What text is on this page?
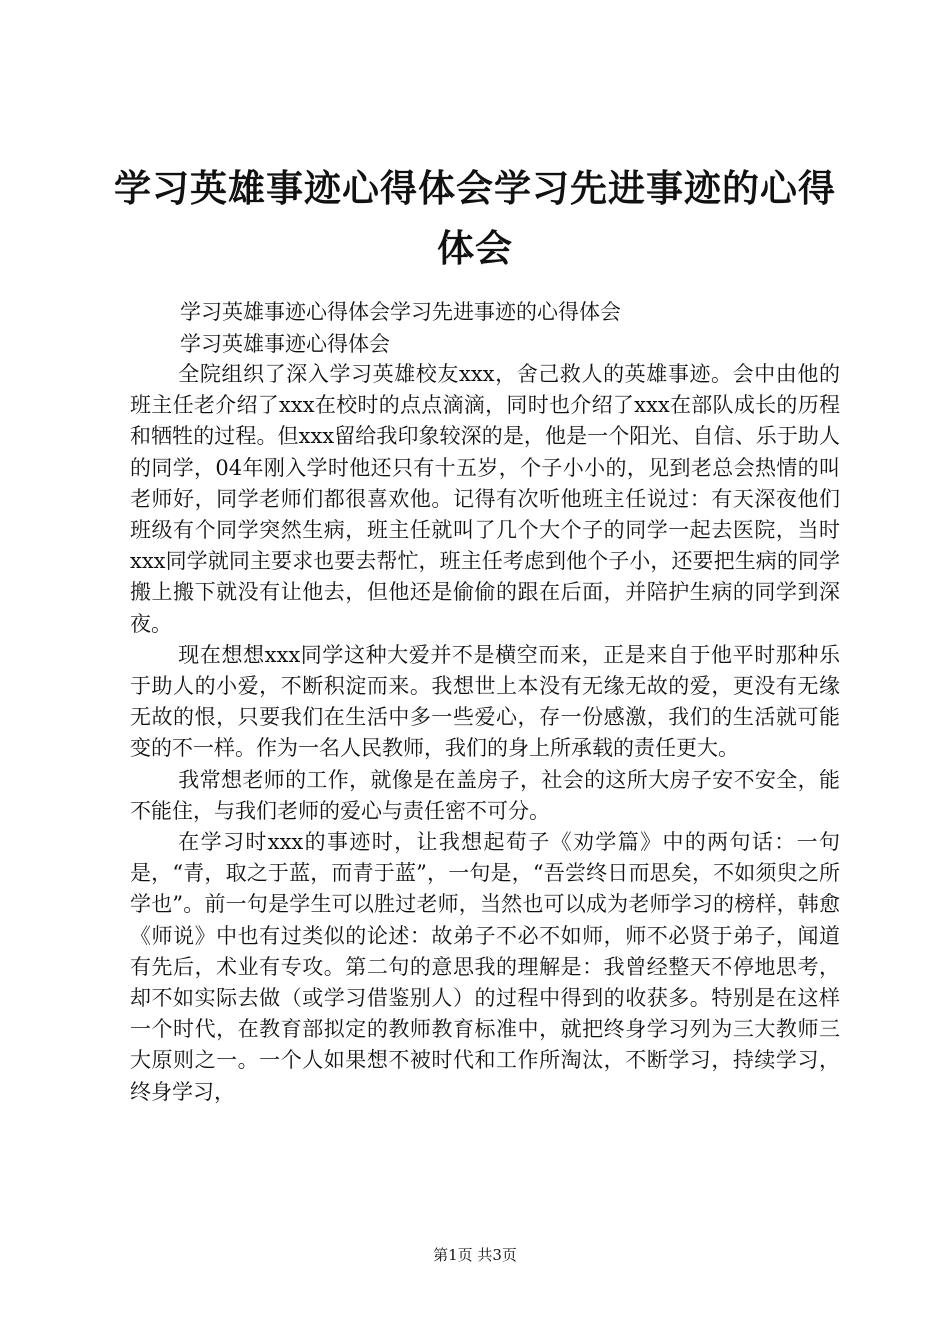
学习英雄事迹心得体会学习先进事迹的心得体会
学习英雄事迹心得体会学习先进事迹的心得体会
学习英雄事迹心得体会

全院组织了深入学习英雄校友xxx，舍己救人的英雄事迹。会中由他的班主任老介绍了xxx在校时的点点滴滴，同时也介绍了xxx在部队成长的历程和牺牲的过程。但xxx留给我印象较深的是，他是一个阳光、自信、乐于助人的同学，04年刚入学时他还只有十五岁，个子小小的，见到老总会热情的叫老师好，同学老师们都很喜欢他。记得有次听他班主任说过：有天深夜他们班级有个同学突然生病，班主任就叫了几个大个子的同学一起去医院，当时xxx同学就同主要求也要去帮忙，班主任考虑到他个子小，还要把生病的同学搬上搬下就没有让他去，但他还是偷偷的跟在后面，并陪护生病的同学到深夜。

现在想想xxx同学这种大爱并不是横空而来，正是来自于他平时那种乐于助人的小爱，不断积淀而来。我想世上本没有无缘无故的爱，更没有无缘无故的恨，只要我们在生活中多一些爱心，存一份感激，我们的生活就可能变的不一样。作为一名人民教师，我们的身上所承载的责任更大。

我常想老师的工作，就像是在盖房子，社会的这所大房子安不安全，能不能住，与我们老师的爱心与责任密不可分。

在学习时xxx的事迹时，让我想起荀子《劝学篇》中的两句话：一句是，“青，取之于蓝，而青于蓝”，一句是，“吾尝终日而思矣，不如须臾之所学也”。前一句是学生可以胜过老师，当然也可以成为老师学习的榜样，韩愈《师说》中也有过类似的论述：故弟子不必不如师，师不必贤于弟子，闻道有先后，术业有专攻。第二句的意思我的理解是：我曾经整天不停地思考，却不如实际去做（或学习借鉴别人）的过程中得到的收获多。特别是在这样一个时代，在教育部拟定的教师教育标准中，就把终身学习列为三大教师三大原则之一。一个人如果想不被时代和工作所淘汰，不断学习，持续学习，终身学习，

第1页 共3页
